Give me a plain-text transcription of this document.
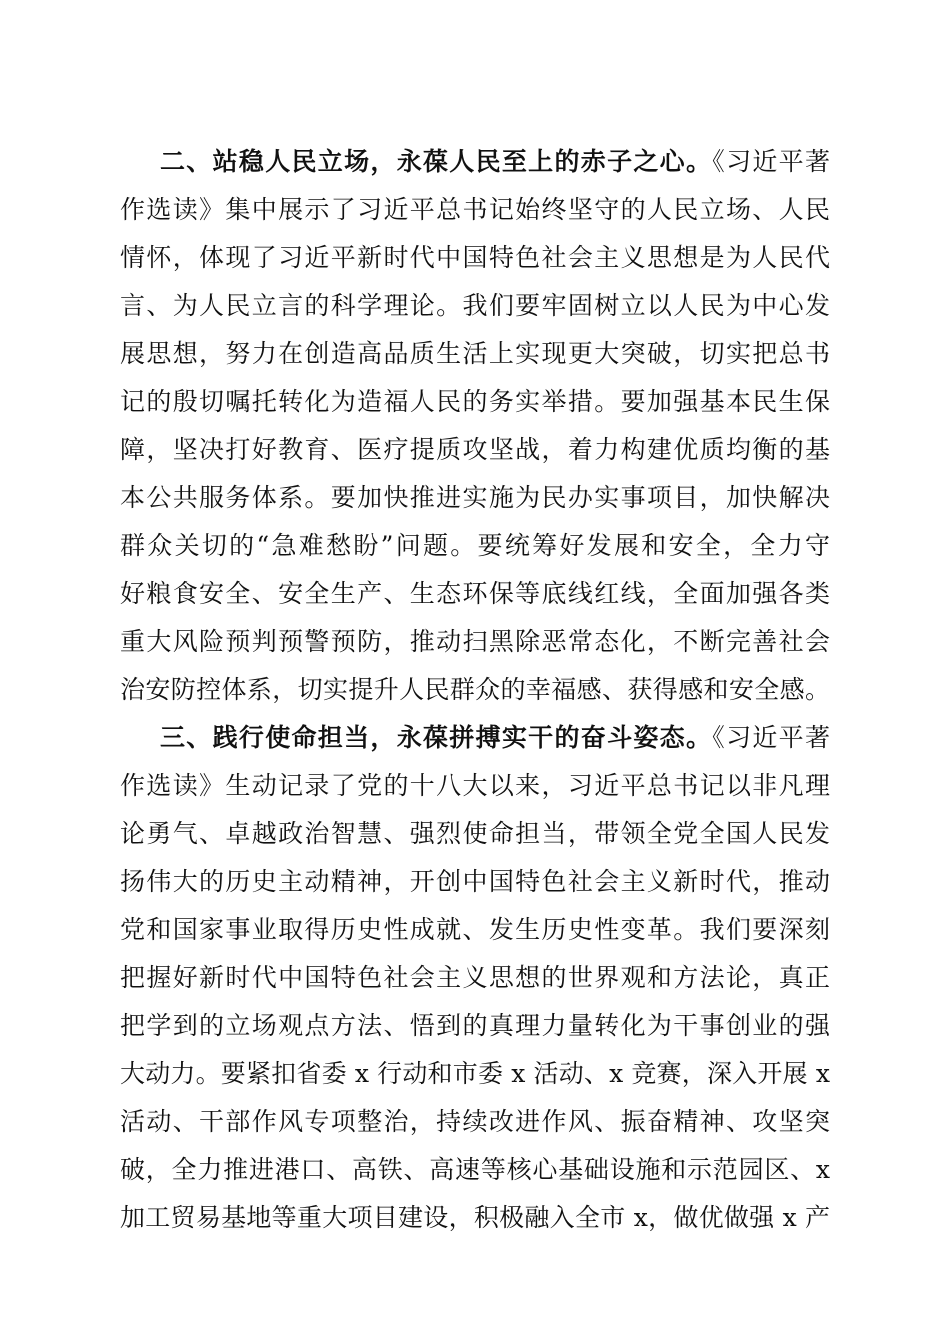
二、站稳人民立场，永葆人民至上的赤子之心。《习近平著
作选读》集中展示了习近平总书记始终坚守的人民立场、人民
情怀，体现了习近平新时代中国特色社会主义思想是为人民代
言、为人民立言的科学理论。我们要牢固树立以人民为中心发
展思想，努力在创造高品质生活上实现更大突破，切实把总书
记的殷切嘱托转化为造福人民的务实举措。要加强基本民生保
障，坚决打好教育、医疗提质攻坚战，着力构建优质均衡的基
本公共服务体系。要加快推进实施为民办实事项目，加快解决
群众关切的“急难愁盼”问题。要统筹好发展和安全，全力守
好粮食安全、安全生产、生态环保等底线红线，全面加强各类
重大风险预判预警预防，推动扫黑除恶常态化，不断完善社会
治安防控体系，切实提升人民群众的幸福感、获得感和安全感。
三、践行使命担当，永葆拼搏实干的奋斗姿态。《习近平著
作选读》生动记录了党的十八大以来，习近平总书记以非凡理
论勇气、卓越政治智慧、强烈使命担当，带领全党全国人民发
扬伟大的历史主动精神，开创中国特色社会主义新时代，推动
党和国家事业取得历史性成就、发生历史性变革。我们要深刻
把握好新时代中国特色社会主义思想的世界观和方法论，真正
把学到的立场观点方法、悟到的真理力量转化为干事创业的强
大动力。要紧扣省委 x 行动和市委 x 活动、x 竞赛，深入开展 x
活动、干部作风专项整治，持续改进作风、振奋精神、攻坚突
破，全力推进港口、高铁、高速等核心基础设施和示范园区、x
加工贸易基地等重大项目建设，积极融入全市 x，做优做强 x 产
